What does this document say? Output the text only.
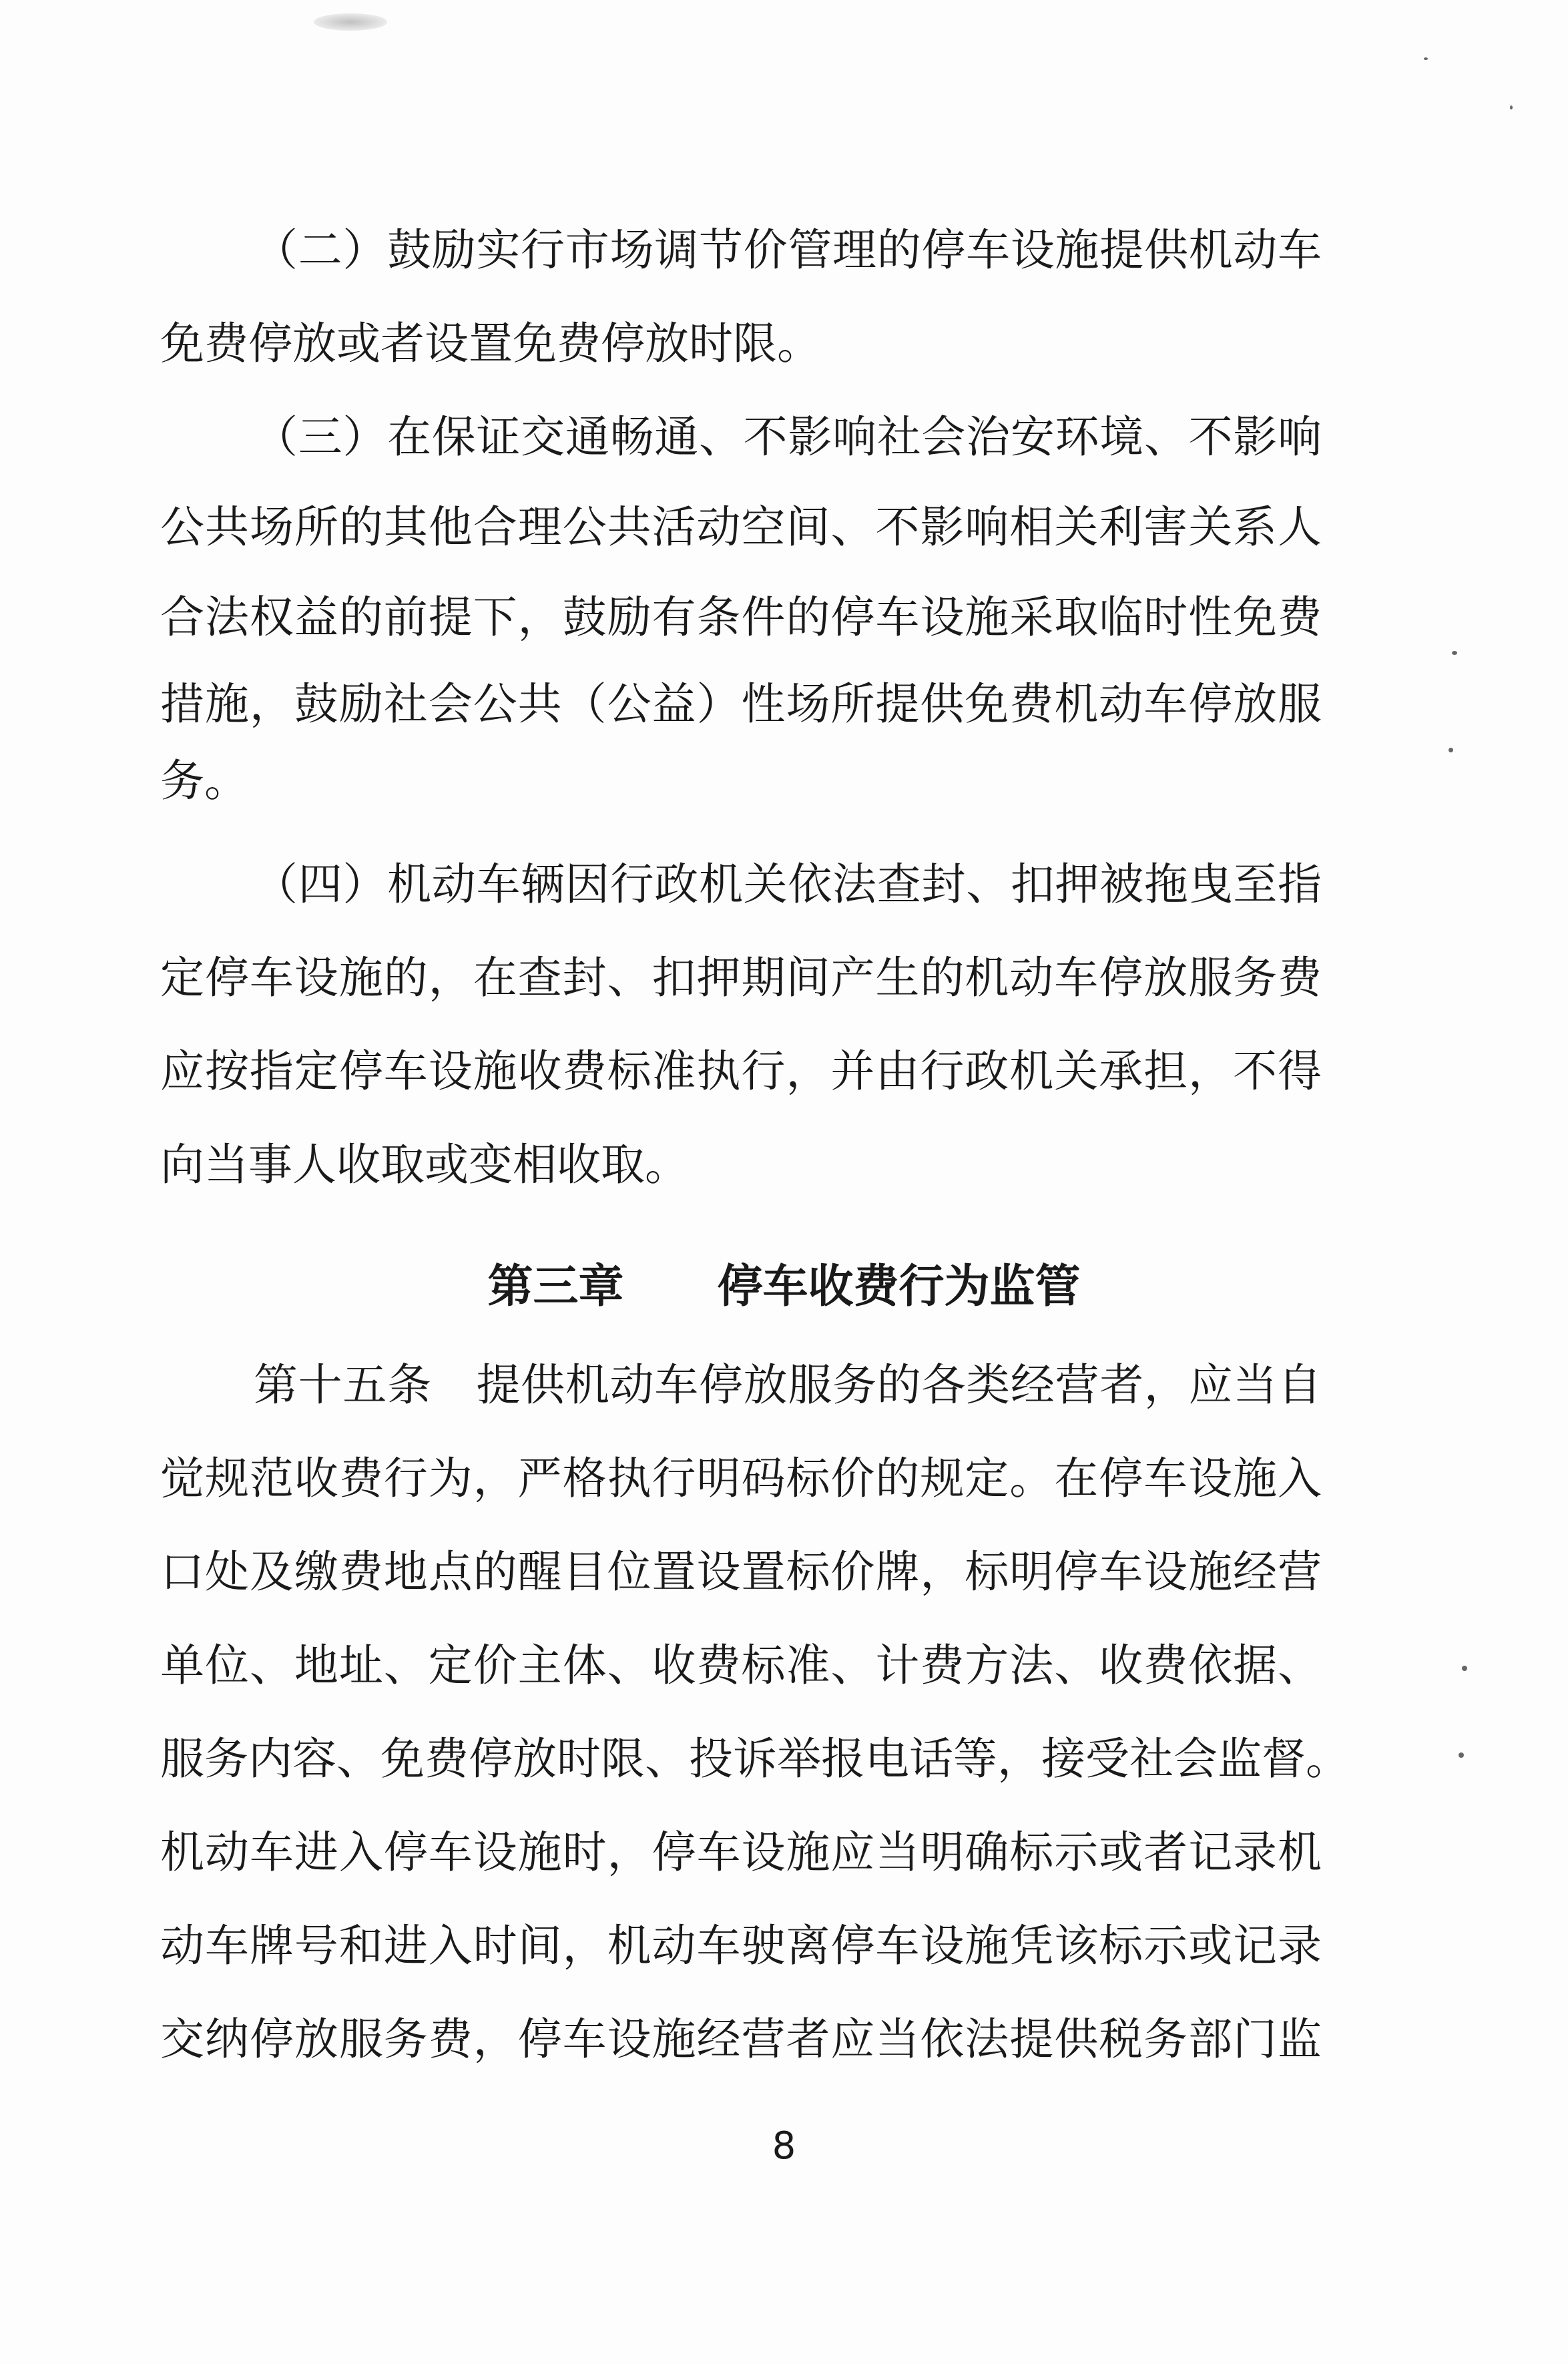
（二）鼓励实行市场调节价管理的停车设施提供机动车
免费停放或者设置免费停放时限。
（三）在保证交通畅通、不影响社会治安环境、不影响
公共场所的其他合理公共活动空间、不影响相关利害关系人
合法权益的前提下，鼓励有条件的停车设施采取临时性免费
措施，鼓励社会公共（公益）性场所提供免费机动车停放服
务。
（四）机动车辆因行政机关依法查封、扣押被拖曳至指
定停车设施的，在查封、扣押期间产生的机动车停放服务费
应按指定停车设施收费标准执行，并由行政机关承担，不得
向当事人收取或变相收取。
第三章 停车收费行为监管
第十五条　提供机动车停放服务的各类经营者，应当自
觉规范收费行为，严格执行明码标价的规定。在停车设施入
口处及缴费地点的醒目位置设置标价牌，标明停车设施经营
单位、地址、定价主体、收费标准、计费方法、收费依据、
服务内容、免费停放时限、投诉举报电话等，接受社会监督。
机动车进入停车设施时，停车设施应当明确标示或者记录机
动车牌号和进入时间，机动车驶离停车设施凭该标示或记录
交纳停放服务费，停车设施经营者应当依法提供税务部门监
8
